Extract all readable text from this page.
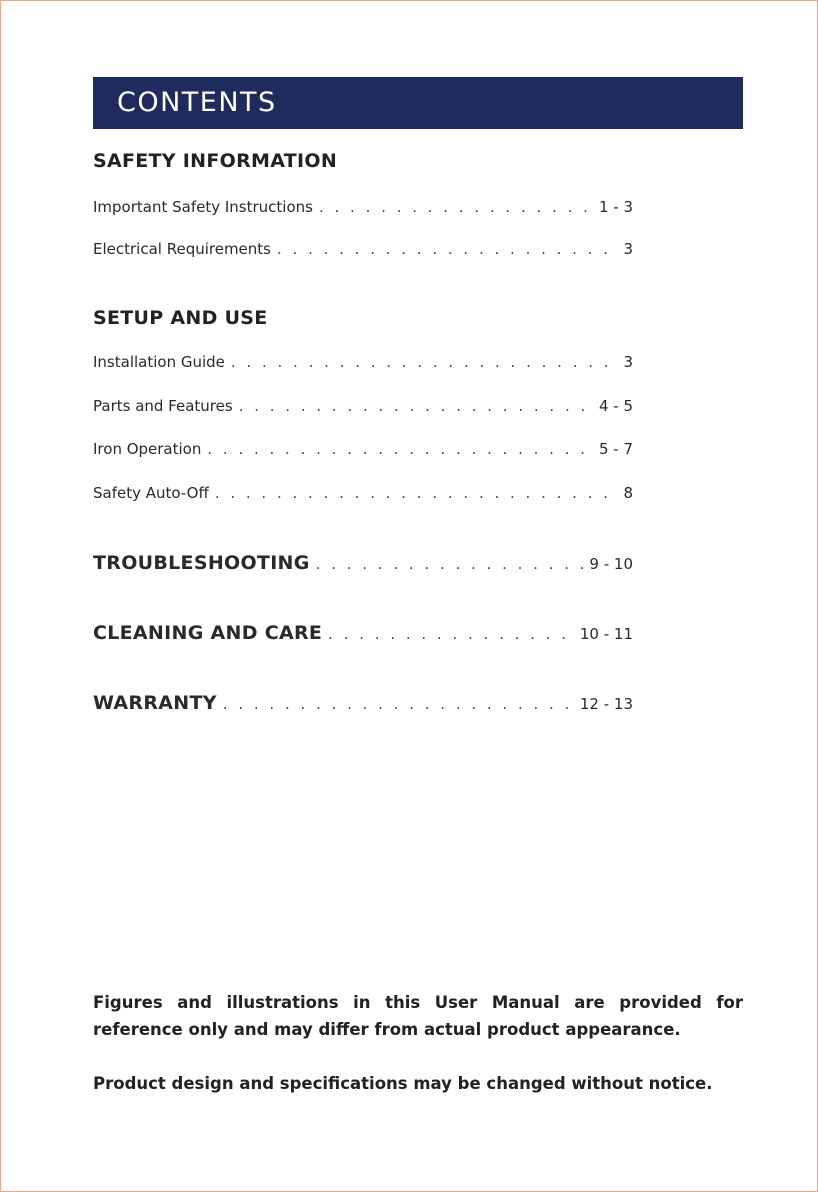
CONTENTS
SAFETY INFORMATION
Important Safety Instructions . . .	1 - 3
Electrical Requirements . . .	3
SETUP AND USE
Installation Guide . . .	3
Parts and Features . . .	4 - 5
Iron Operation . . .	5 - 7
Safety Auto-Off . . .	8
TROUBLESHOOTING . . .	9 - 10
CLEANING AND CARE . . .	10 - 11
WARRANTY . . .	12 - 13
Figures and illustrations in this User Manual are provided for
reference only and may differ from actual product appearance.
Product design and specifications may be changed without notice.
